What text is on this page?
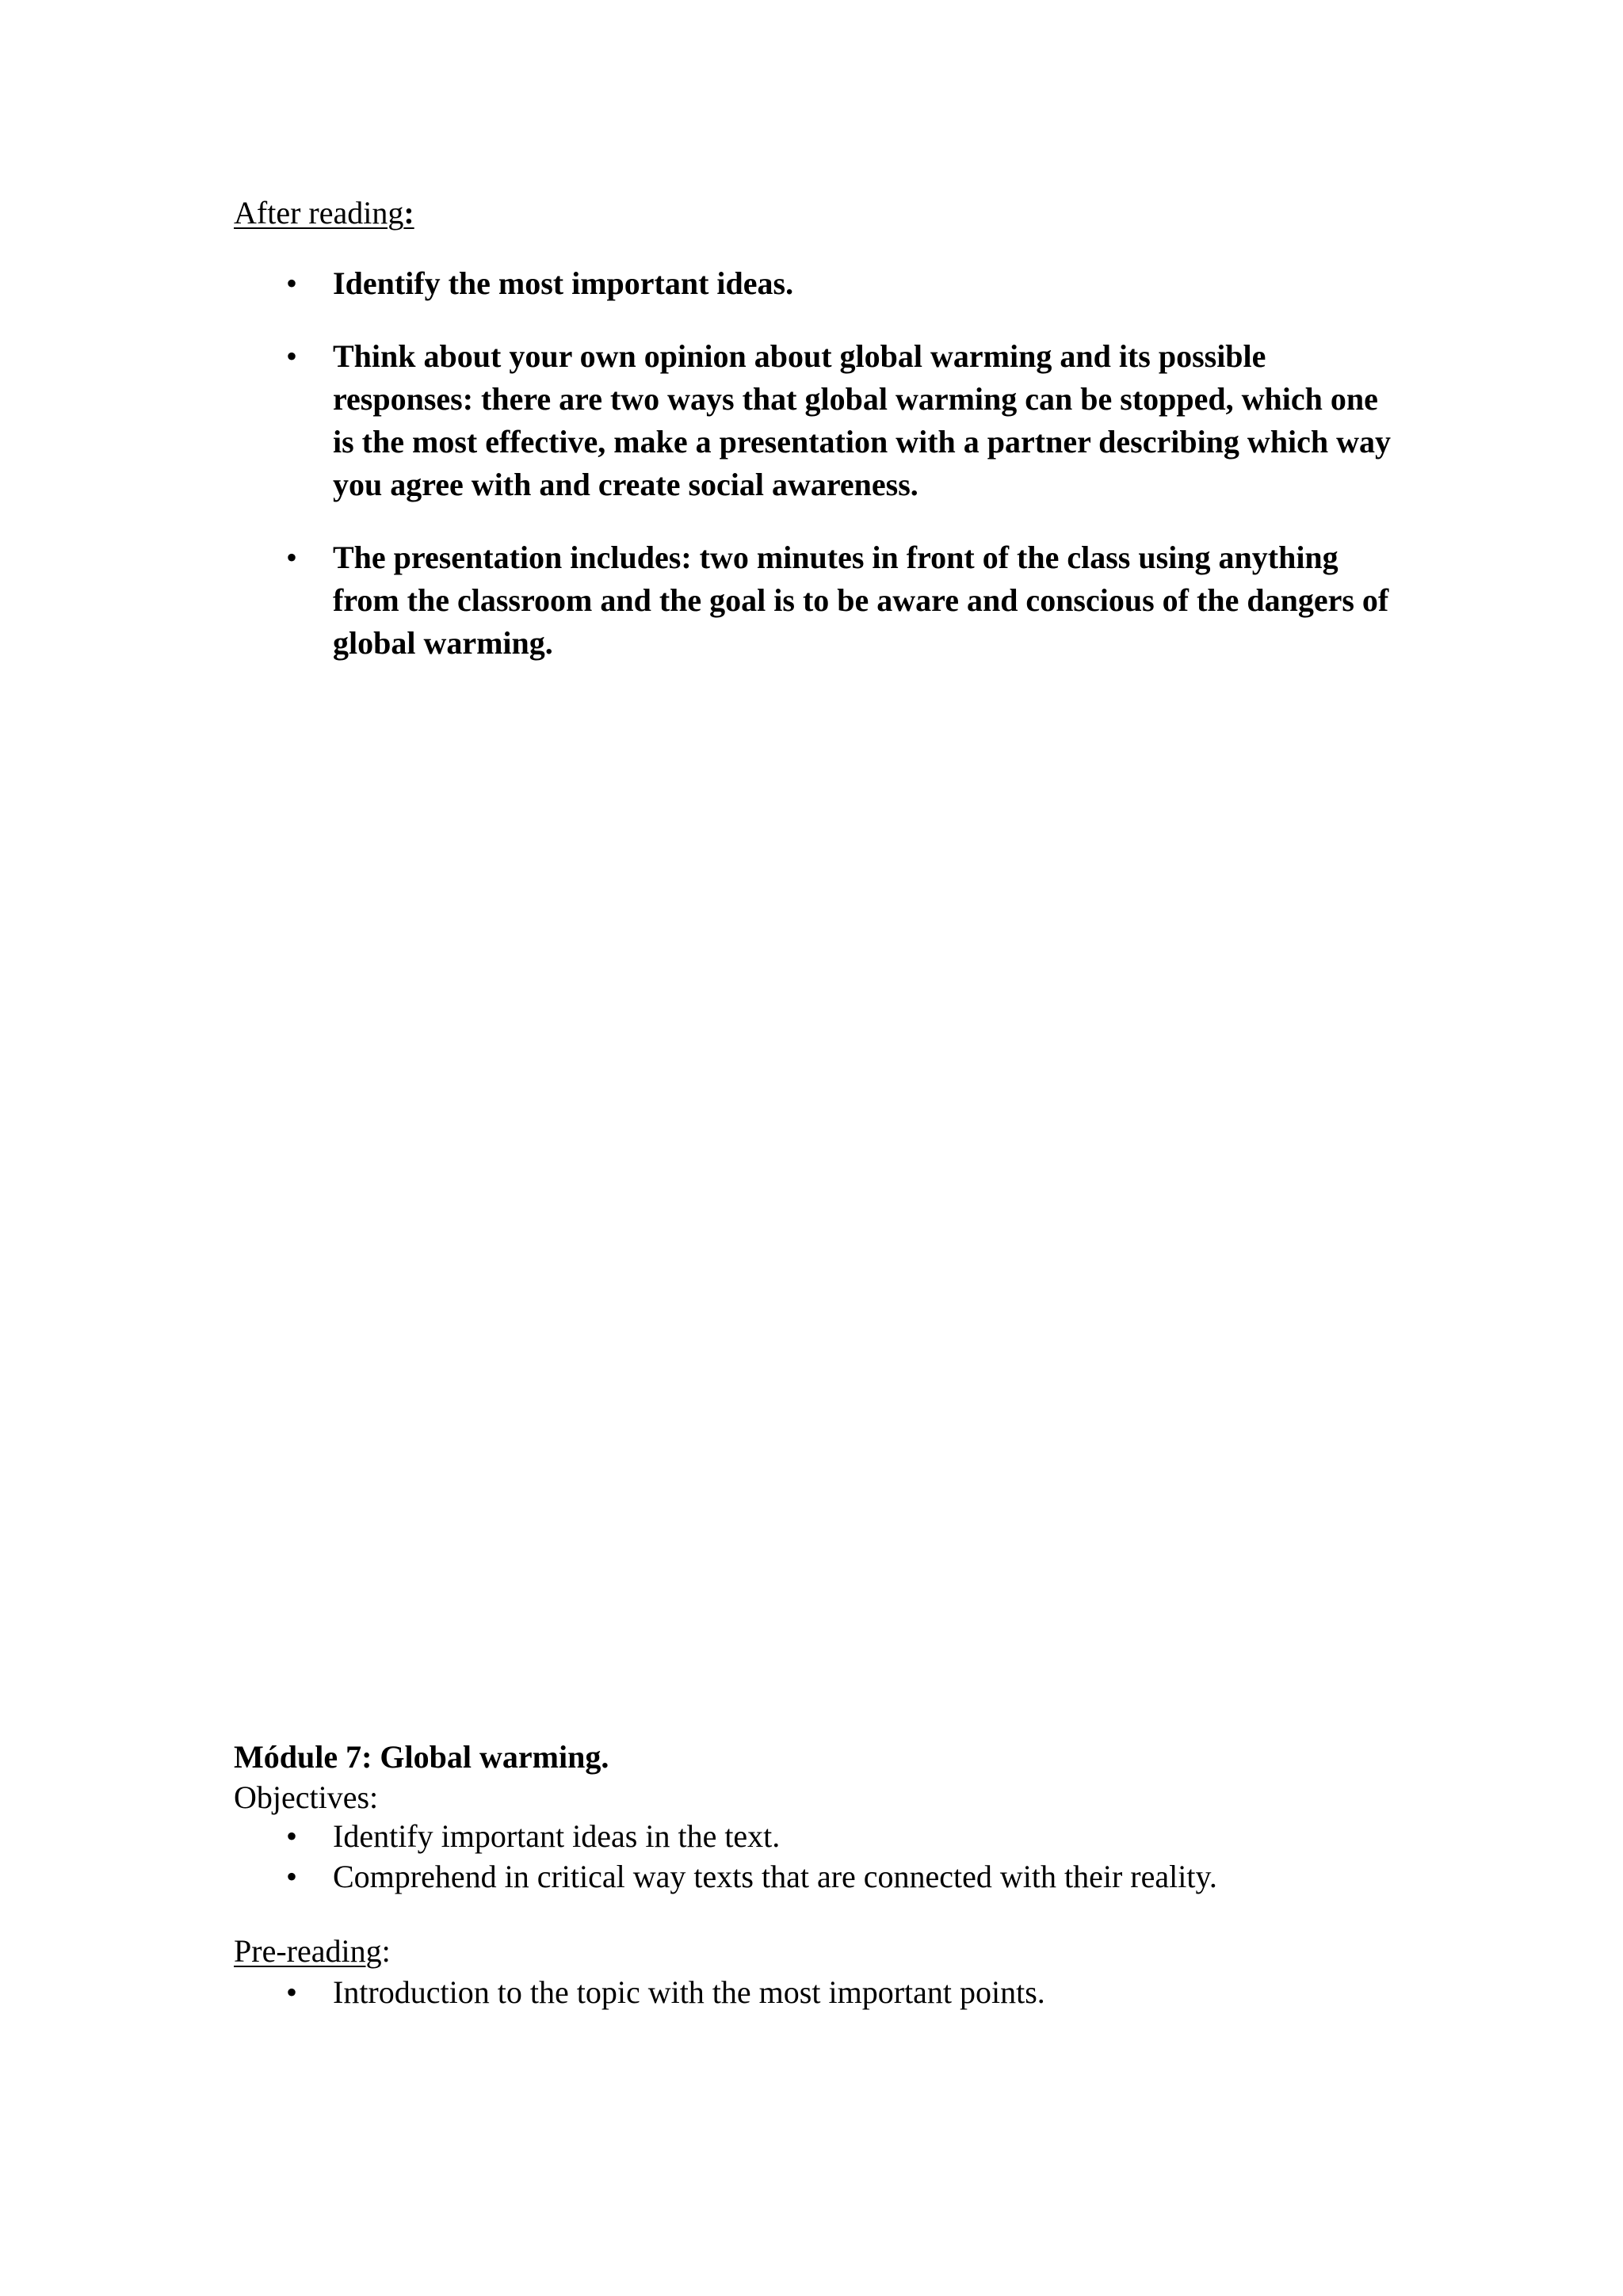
After reading:
• Identify the most important ideas.
• Think about your own opinion about global warming and its possible responses: there are two ways that global warming can be stopped, which one is the most effective, make a presentation with a partner describing which way you agree with and create social awareness.
• The presentation includes: two minutes in front of the class using anything from the classroom and the goal is to be aware and conscious of the dangers of global warming.
Módule 7: Global warming.
Objectives:
• Identify important ideas in the text.
• Comprehend in critical way texts that are connected with their reality.
Pre-reading:
• Introduction to the topic with the most important points.
